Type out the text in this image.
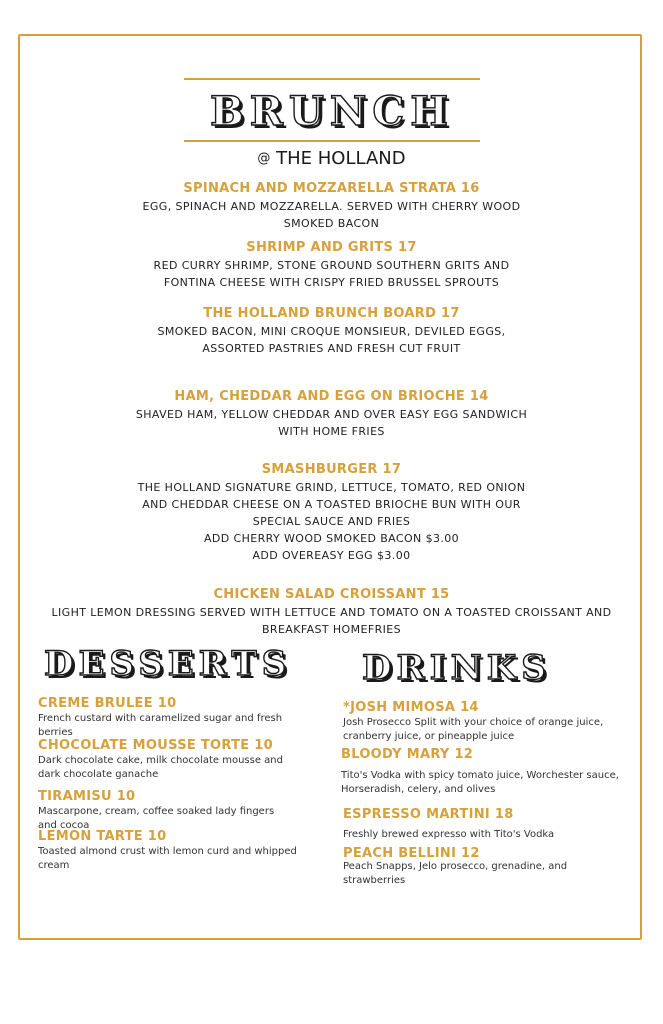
BRUNCH
@ THE HOLLAND
SPINACH AND MOZZARELLA STRATA 16
EGG, SPINACH AND MOZZARELLA. SERVED WITH CHERRY WOOD
SMOKED BACON
SHRIMP AND GRITS 17
RED CURRY SHRIMP, STONE GROUND SOUTHERN GRITS AND
FONTINA CHEESE WITH CRISPY FRIED BRUSSEL SPROUTS
THE HOLLAND BRUNCH BOARD 17
SMOKED BACON, MINI CROQUE MONSIEUR, DEVILED EGGS,
ASSORTED PASTRIES AND FRESH CUT FRUIT
HAM, CHEDDAR AND EGG ON BRIOCHE 14
SHAVED HAM, YELLOW CHEDDAR AND OVER EASY EGG SANDWICH
WITH HOME FRIES
SMASHBURGER 17
THE HOLLAND SIGNATURE GRIND, LETTUCE, TOMATO, RED ONION
AND CHEDDAR CHEESE ON A TOASTED BRIOCHE BUN WITH OUR
SPECIAL SAUCE AND FRIES
ADD CHERRY WOOD SMOKED BACON $3.00
ADD OVEREASY EGG $3.00
CHICKEN SALAD CROISSANT 15
LIGHT LEMON DRESSING SERVED WITH LETTUCE AND TOMATO ON A TOASTED CROISSANT AND
BREAKFAST HOMEFRIES
DESSERTS DRINKS
CREME BRULEE 10
French custard with caramelized sugar and fresh
berries
CHOCOLATE MOUSSE TORTE 10
Dark chocolate cake, milk chocolate mousse and
dark chocolate ganache
TIRAMISU 10
Mascarpone, cream, coffee soaked lady fingers
and cocoa
LEMON TARTE 10
Toasted almond crust with lemon curd and whipped
cream
*JOSH MIMOSA 14
Josh Prosecco Split with your choice of orange juice,
cranberry juice, or pineapple juice
BLOODY MARY 12
Tito's Vodka with spicy tomato juice, Worchester sauce,
Horseradish, celery, and olives
ESPRESSO MARTINI 18
Freshly brewed expresso with Tito's Vodka
PEACH BELLINI 12
Peach Snapps, Jelo prosecco, grenadine, and
strawberries
